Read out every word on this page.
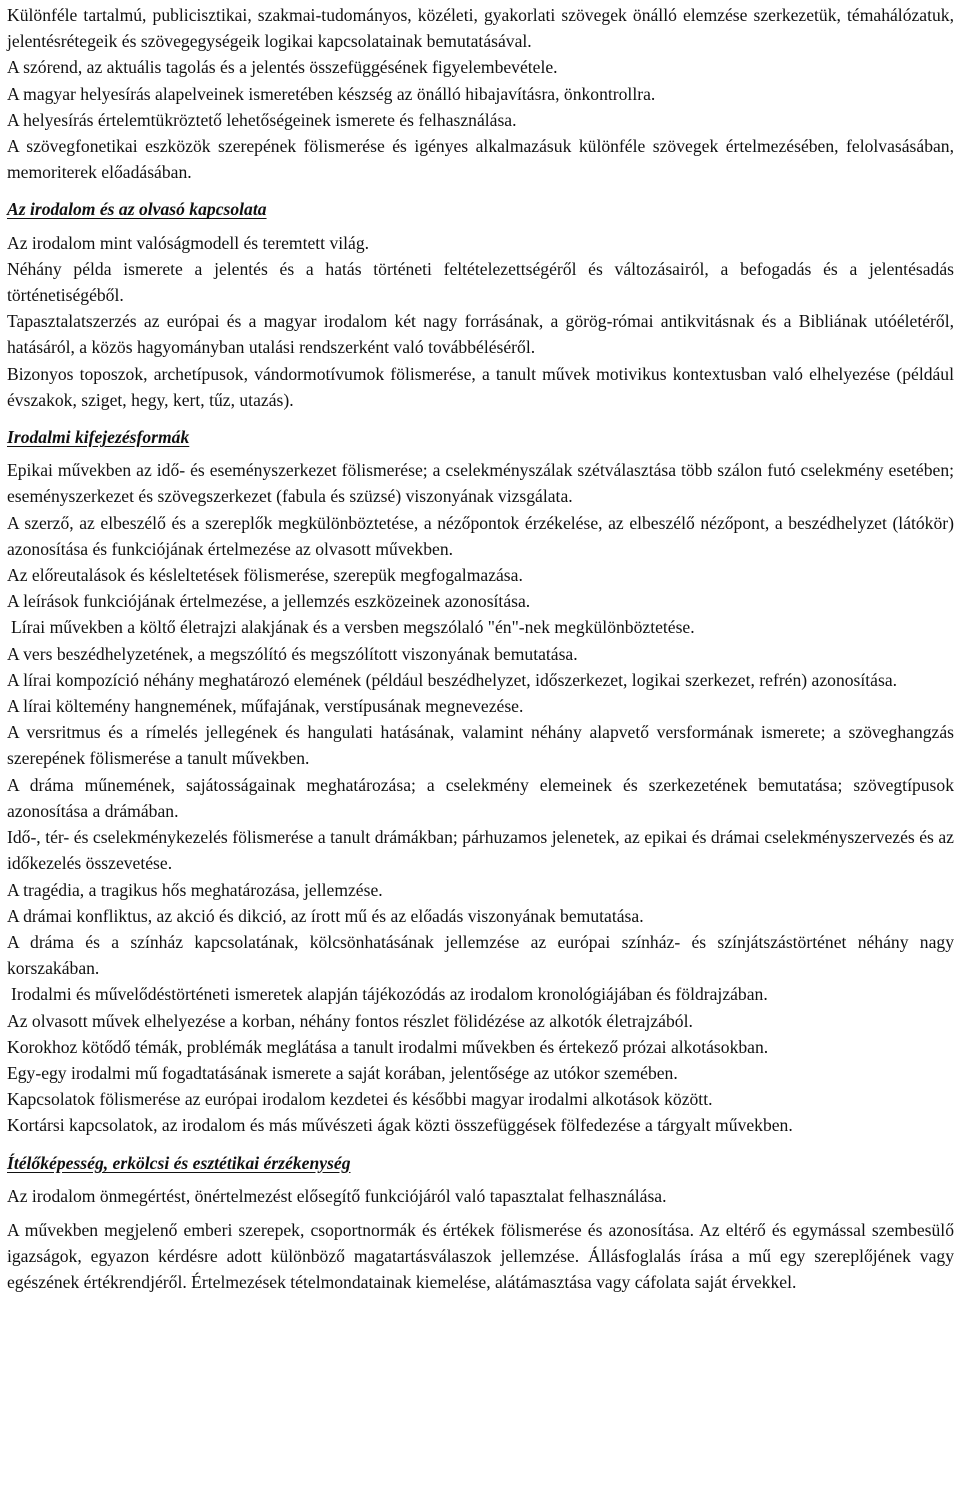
Különféle tartalmú, publicisztikai, szakmai-tudományos, közéleti, gyakorlati szövegek önálló elemzése szerkezetük, témahálózatuk, jelentésrétegeik és szövegegységeik logikai kapcsolatainak bemutatásával.

A szórend, az aktuális tagolás és a jelentés összefüggésének figyelembevétele.

A magyar helyesírás alapelveinek ismeretében készség az önálló hibajavításra, önkontrollra.

A helyesírás értelemtükröztető lehetőségeinek ismerete és felhasználása.

A szövegfonetikai eszközök szerepének fölismerése és igényes alkalmazásuk különféle szövegek értelmezésében, felolvasásában, memoriterek előadásában.

Az irodalom és az olvasó kapcsolata

Az irodalom mint valóságmodell és teremtett világ.

Néhány példa ismerete a jelentés és a hatás történeti feltételezettségéről és változásairól, a befogadás és a jelentésadás történetiségéből.

Tapasztalatszerzés az európai és a magyar irodalom két nagy forrásának, a görög-római antikvitásnak és a Bibliának utóéletéről, hatásáról, a közös hagyományban utalási rendszerként való továbbéléséről.

Bizonyos toposzok, archetípusok, vándormotívumok fölismerése, a tanult művek motivikus kontextusban való elhelyezése (például évszakok, sziget, hegy, kert, tűz, utazás).

Irodalmi kifejezésformák

Epikai művekben az idő- és eseményszerkezet fölismerése; a cselekményszálak szétválasztása több szálon futó cselekmény esetében; eseményszerkezet és szövegszerkezet (fabula és szüzsé) viszonyának vizsgálata.

A szerző, az elbeszélő és a szereplők megkülönböztetése, a nézőpontok érzékelése, az elbeszélő nézőpont, a beszédhelyzet (látókör) azonosítása és funkciójának értelmezése az olvasott művekben.

Az előreutalások és késleltetések fölismerése, szerepük megfogalmazása.

A leírások funkciójának értelmezése, a jellemzés eszközeinek azonosítása.

Lírai művekben a költő életrajzi alakjának és a versben megszólaló "én"-nek megkülönböztetése.

A vers beszédhelyzetének, a megszólító és megszólított viszonyának bemutatása.

A lírai kompozíció néhány meghatározó elemének (például beszédhelyzet, időszerkezet, logikai szerkezet, refrén) azonosítása.

A lírai költemény hangnemének, műfajának, verstípusának megnevezése.

A versritmus és a rímelés jellegének és hangulati hatásának, valamint néhány alapvető versformának ismerete; a szöveghangzás szerepének fölismerése a tanult művekben.

A dráma műnemének, sajátosságainak meghatározása; a cselekmény elemeinek és szerkezetének bemutatása; szövegtípusok azonosítása a drámában.

Idő-, tér- és cselekménykezelés fölismerése a tanult drámákban; párhuzamos jelenetek, az epikai és drámai cselekményszervezés és az időkezelés összevetése.

A tragédia, a tragikus hős meghatározása, jellemzése.

A drámai konfliktus, az akció és dikció, az írott mű és az előadás viszonyának bemutatása.

A dráma és a színház kapcsolatának, kölcsönhatásának jellemzése az európai színház- és színjátszástörténet néhány nagy korszakában.

Irodalmi és művelődéstörténeti ismeretek alapján tájékozódás az irodalom kronológiájában és földrajzában.

Az olvasott művek elhelyezése a korban, néhány fontos részlet fölidézése az alkotók életrajzából.

Korokhoz kötődő témák, problémák meglátása a tanult irodalmi művekben és értekező prózai alkotásokban.

Egy-egy irodalmi mű fogadtatásának ismerete a saját korában, jelentősége az utókor szemében.

Kapcsolatok fölismerése az európai irodalom kezdetei és későbbi magyar irodalmi alkotások között.

Kortársi kapcsolatok, az irodalom és más művészeti ágak közti összefüggések fölfedezése a tárgyalt művekben.

Ítélőképesség, erkölcsi és esztétikai érzékenység

Az irodalom önmegértést, önértelmezést elősegítő funkciójáról való tapasztalat felhasználása.

A művekben megjelenő emberi szerepek, csoportnormák és értékek fölismerése és azonosítása. Az eltérő és egymással szembesülő igazságok, egyazon kérdésre adott különböző magatartásválaszok jellemzése. Állásfoglalás írása a mű egy szereplőjének vagy egészének értékrendjéről. Értelmezések tételmondatainak kiemelése, alátámasztása vagy cáfolata saját érvekkel.
